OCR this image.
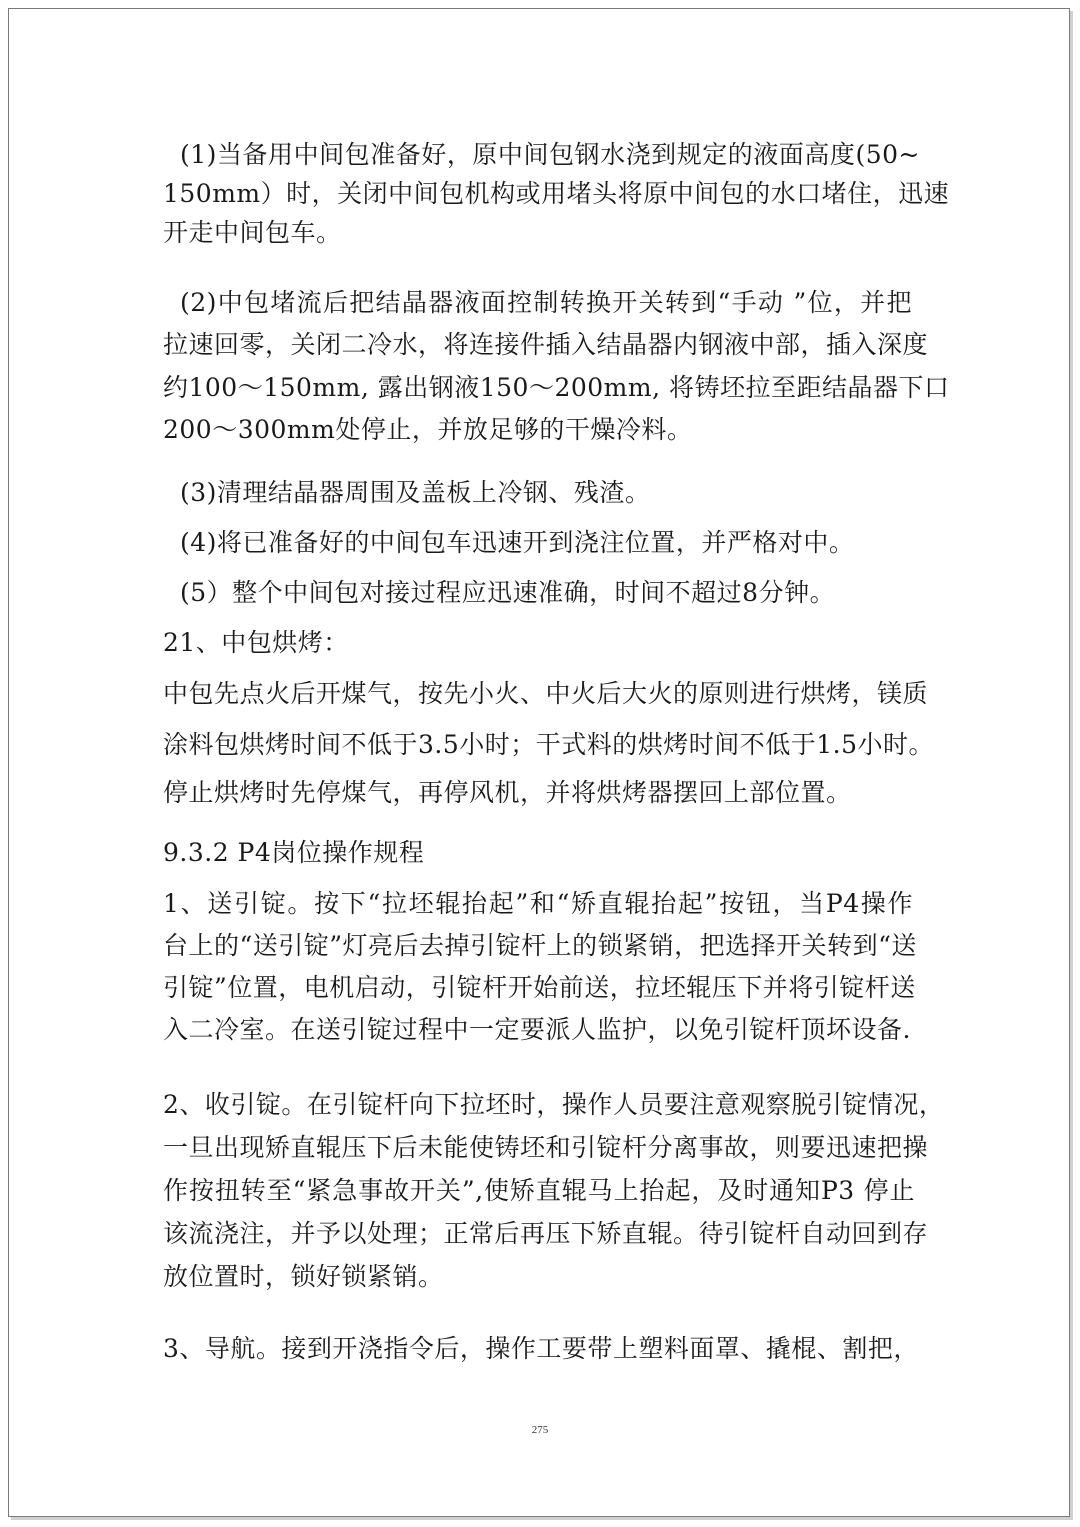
(1)当备用中间包准备好，原中间包钢水浇到规定的液面高度(50~
150mm）时，关闭中间包机构或用堵头将原中间包的水口堵住，迅速
开走中间包车。
(2)中包堵流后把结晶器液面控制转换开关转到“手动 ”位，并把
拉速回零，关闭二冷水，将连接件插入结晶器内钢液中部，插入深度
约100～150mm, 露出钢液150～200mm, 将铸坯拉至距结晶器下口
200～300mm处停止，并放足够的干燥冷料。
(3)清理结晶器周围及盖板上冷钢、残渣。
(4)将已准备好的中间包车迅速开到浇注位置，并严格对中。
(5）整个中间包对接过程应迅速准确，时间不超过8分钟。
21、中包烘烤：
中包先点火后开煤气，按先小火、中火后大火的原则进行烘烤，镁质
涂料包烘烤时间不低于3.5小时；干式料的烘烤时间不低于1.5小时。
停止烘烤时先停煤气，再停风机，并将烘烤器摆回上部位置。
9.3.2 P4岗位操作规程
1、送引锭。按下“拉坯辊抬起”和“矫直辊抬起”按钮，当P4操作
台上的“送引锭”灯亮后去掉引锭杆上的锁紧销，把选择开关转到“送
引锭”位置，电机启动，引锭杆开始前送，拉坯辊压下并将引锭杆送
入二冷室。在送引锭过程中一定要派人监护，以免引锭杆顶坏设备.
2、收引锭。在引锭杆向下拉坯时，操作人员要注意观察脱引锭情况，
一旦出现矫直辊压下后未能使铸坯和引锭杆分离事故，则要迅速把操
作按扭转至“紧急事故开关”,使矫直辊马上抬起，及时通知P3 停止
该流浇注，并予以处理；正常后再压下矫直辊。待引锭杆自动回到存
放位置时，锁好锁紧销。
3、导航。接到开浇指令后，操作工要带上塑料面罩、撬棍、割把，
275
